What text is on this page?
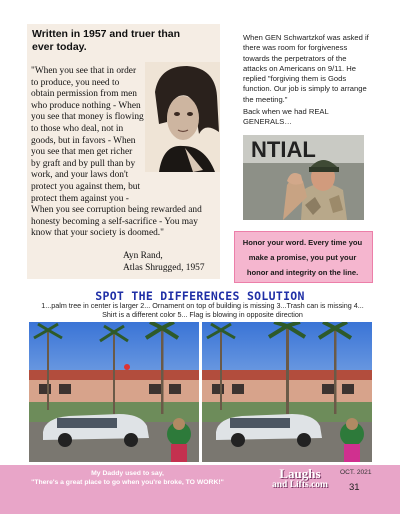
Written in 1957 and truer than ever today.
"When you see that in order
to produce, you need to
obtain permission from men
who produce nothing - When
you see that money is flowing
to those who deal, not in
goods, but in favors - When
you see that men get richer
by graft and by pull than by
work, and your laws don't
protect you against them, but
protect them against you -
When you see corruption being rewarded and
honesty becoming a self-sacrifice - You may
know that your society is doomed."
Ayn Rand,
Atlas Shrugged, 1957
When GEN Schwartzkof was asked if there was room for forgiveness towards the perpetrators of the attacks on Americans on 9/11. He replied "forgiving them is Gods function. Our job is simply to arrange the meeting."
Back when we had REAL GENERALS…
NTIAL
Honor your word. Every time you make a promise, you put your honor and integrity on the line.
SPOT THE DIFFERENCES SOLUTION
1...palm tree in center is larger 2... Ornament on top of building is missing 3...Trash can is missing 4... Shirt is a different color 5... Flag is blowing in opposite direction
My Daddy used to say,
"There's a great place to go when you're broke, TO WORK!"
Laughs
and Lifts.com
OCT. 2021
31
